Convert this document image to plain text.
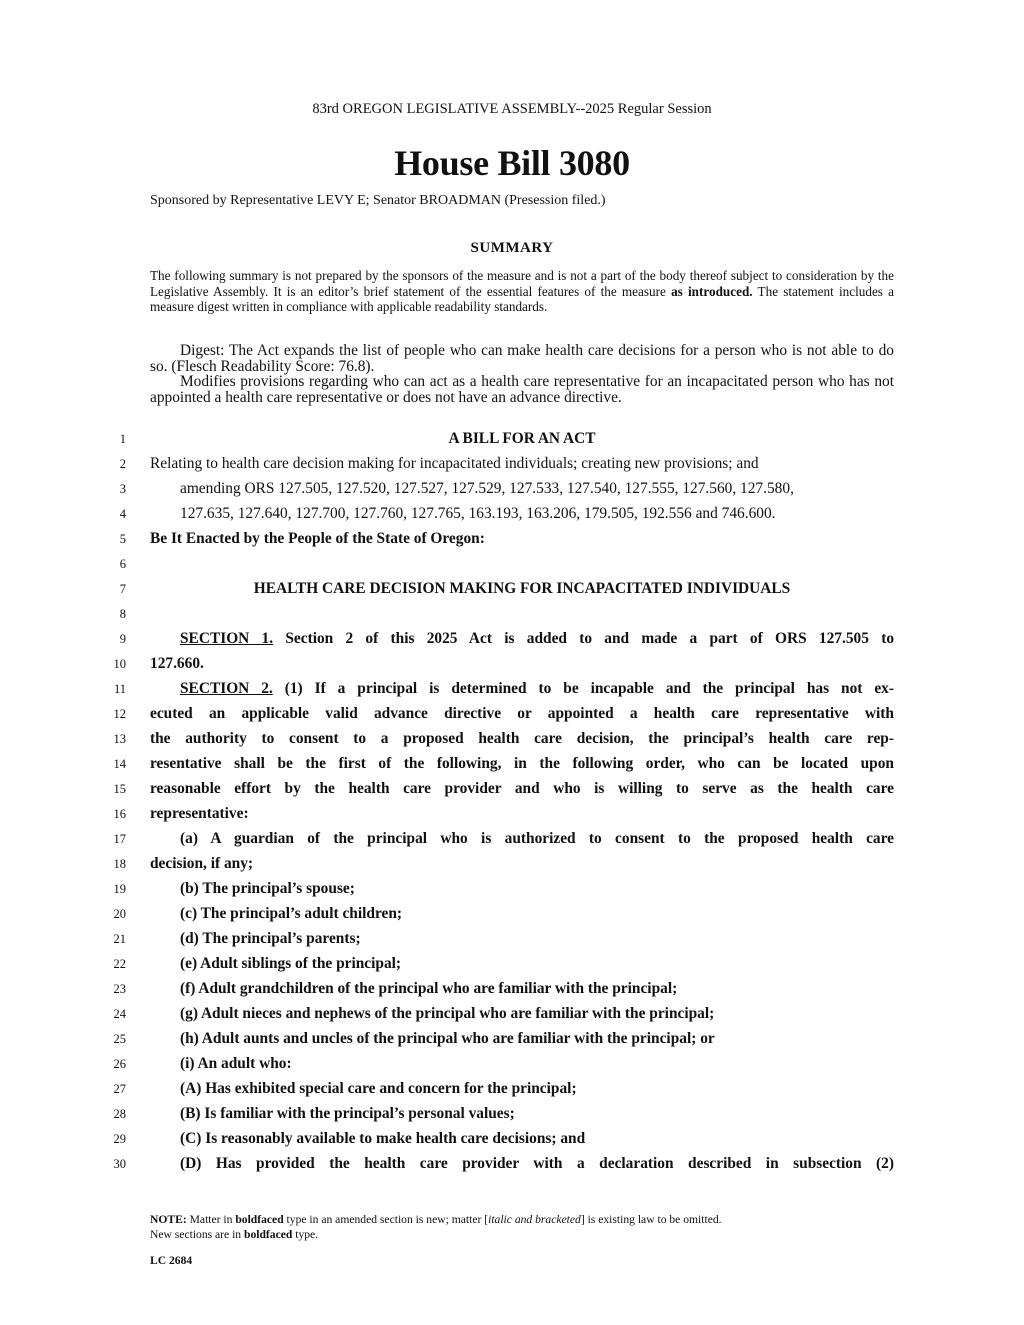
83rd OREGON LEGISLATIVE ASSEMBLY--2025 Regular Session
House Bill 3080
Sponsored by Representative LEVY E; Senator BROADMAN (Presession filed.)
SUMMARY
The following summary is not prepared by the sponsors of the measure and is not a part of the body thereof subject to consideration by the Legislative Assembly. It is an editor’s brief statement of the essential features of the measure as introduced. The statement includes a measure digest written in compliance with applicable readability standards.

Digest: The Act expands the list of people who can make health care decisions for a person who is not able to do so. (Flesch Readability Score: 76.8).

Modifies provisions regarding who can act as a health care representative for an incapacitated person who has not appointed a health care representative or does not have an advance directive.

1	A BILL FOR AN ACT
2 Relating to health care decision making for incapacitated individuals; creating new provisions; and
3	amending ORS 127.505, 127.520, 127.527, 127.529, 127.533, 127.540, 127.555, 127.560, 127.580,
4	127.635, 127.640, 127.700, 127.760, 127.765, 163.193, 163.206, 179.505, 192.556 and 746.600.
5 Be It Enacted by the People of the State of Oregon:
6
7	HEALTH CARE DECISION MAKING FOR INCAPACITATED INDIVIDUALS
8
9	SECTION 1. Section 2 of this 2025 Act is added to and made a part of ORS 127.505 to
10 127.660.
11	SECTION 2. (1) If a principal is determined to be incapable and the principal has not ex-
12 ecuted an applicable valid advance directive or appointed a health care representative with
13 the authority to consent to a proposed health care decision, the principal’s health care rep-
14 resentative shall be the first of the following, in the following order, who can be located upon
15 reasonable effort by the health care provider and who is willing to serve as the health care
16 representative:
17	(a) A guardian of the principal who is authorized to consent to the proposed health care
18 decision, if any;
19	(b) The principal’s spouse;
20	(c) The principal’s adult children;
21	(d) The principal’s parents;
22	(e) Adult siblings of the principal;
23	(f) Adult grandchildren of the principal who are familiar with the principal;
24	(g) Adult nieces and nephews of the principal who are familiar with the principal;
25	(h) Adult aunts and uncles of the principal who are familiar with the principal; or
26	(i) An adult who:
27	(A) Has exhibited special care and concern for the principal;
28	(B) Is familiar with the principal’s personal values;
29	(C) Is reasonably available to make health care decisions; and
30	(D) Has provided the health care provider with a declaration described in subsection (2)
NOTE: Matter in boldfaced type in an amended section is new; matter [italic and bracketed] is existing law to be omitted.
New sections are in boldfaced type.
LC 2684
